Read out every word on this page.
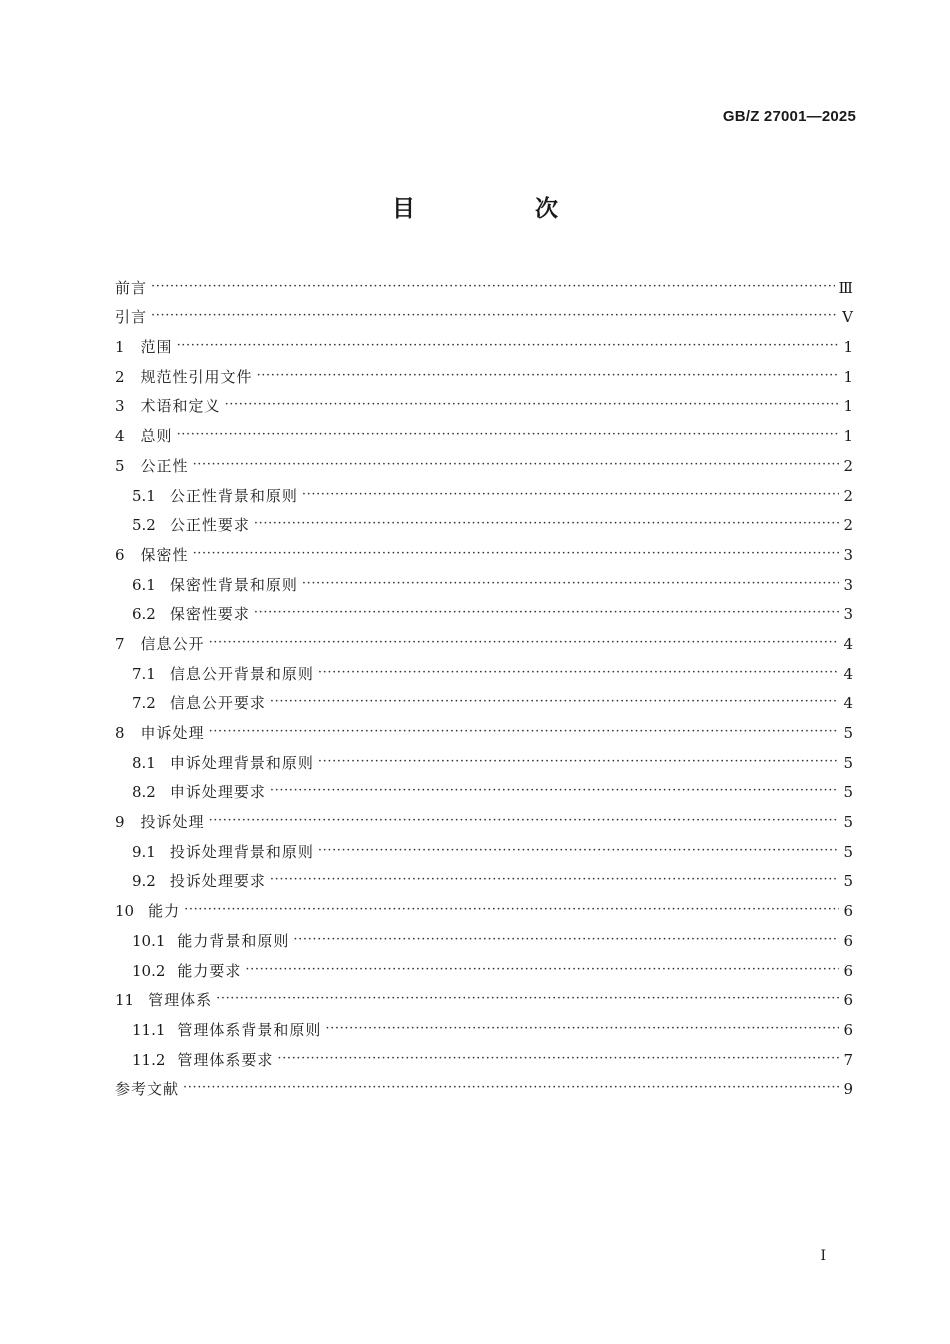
GB/Z 27001—2025
目 次
前言 ·····	Ⅲ
引言 ·····	Ⅴ
1 范围 ·····	1
2 规范性引用文件 ·····	1
3 术语和定义 ·····	1
4 总则 ·····	1
5 公正性 ·····	2
5.1 公正性背景和原则 ·····	2
5.2 公正性要求 ·····	2
6 保密性 ·····	3
6.1 保密性背景和原则 ·····	3
6.2 保密性要求 ·····	3
7 信息公开 ·····	4
7.1 信息公开背景和原则 ·····	4
7.2 信息公开要求 ·····	4
8 申诉处理 ·····	5
8.1 申诉处理背景和原则 ·····	5
8.2 申诉处理要求 ·····	5
9 投诉处理 ·····	5
9.1 投诉处理背景和原则 ·····	5
9.2 投诉处理要求 ·····	5
10 能力 ·····	6
10.1 能力背景和原则 ·····	6
10.2 能力要求 ·····	6
11 管理体系 ·····	6
11.1 管理体系背景和原则 ·····	6
11.2 管理体系要求 ·····	7
参考文献 ·····	9
I
